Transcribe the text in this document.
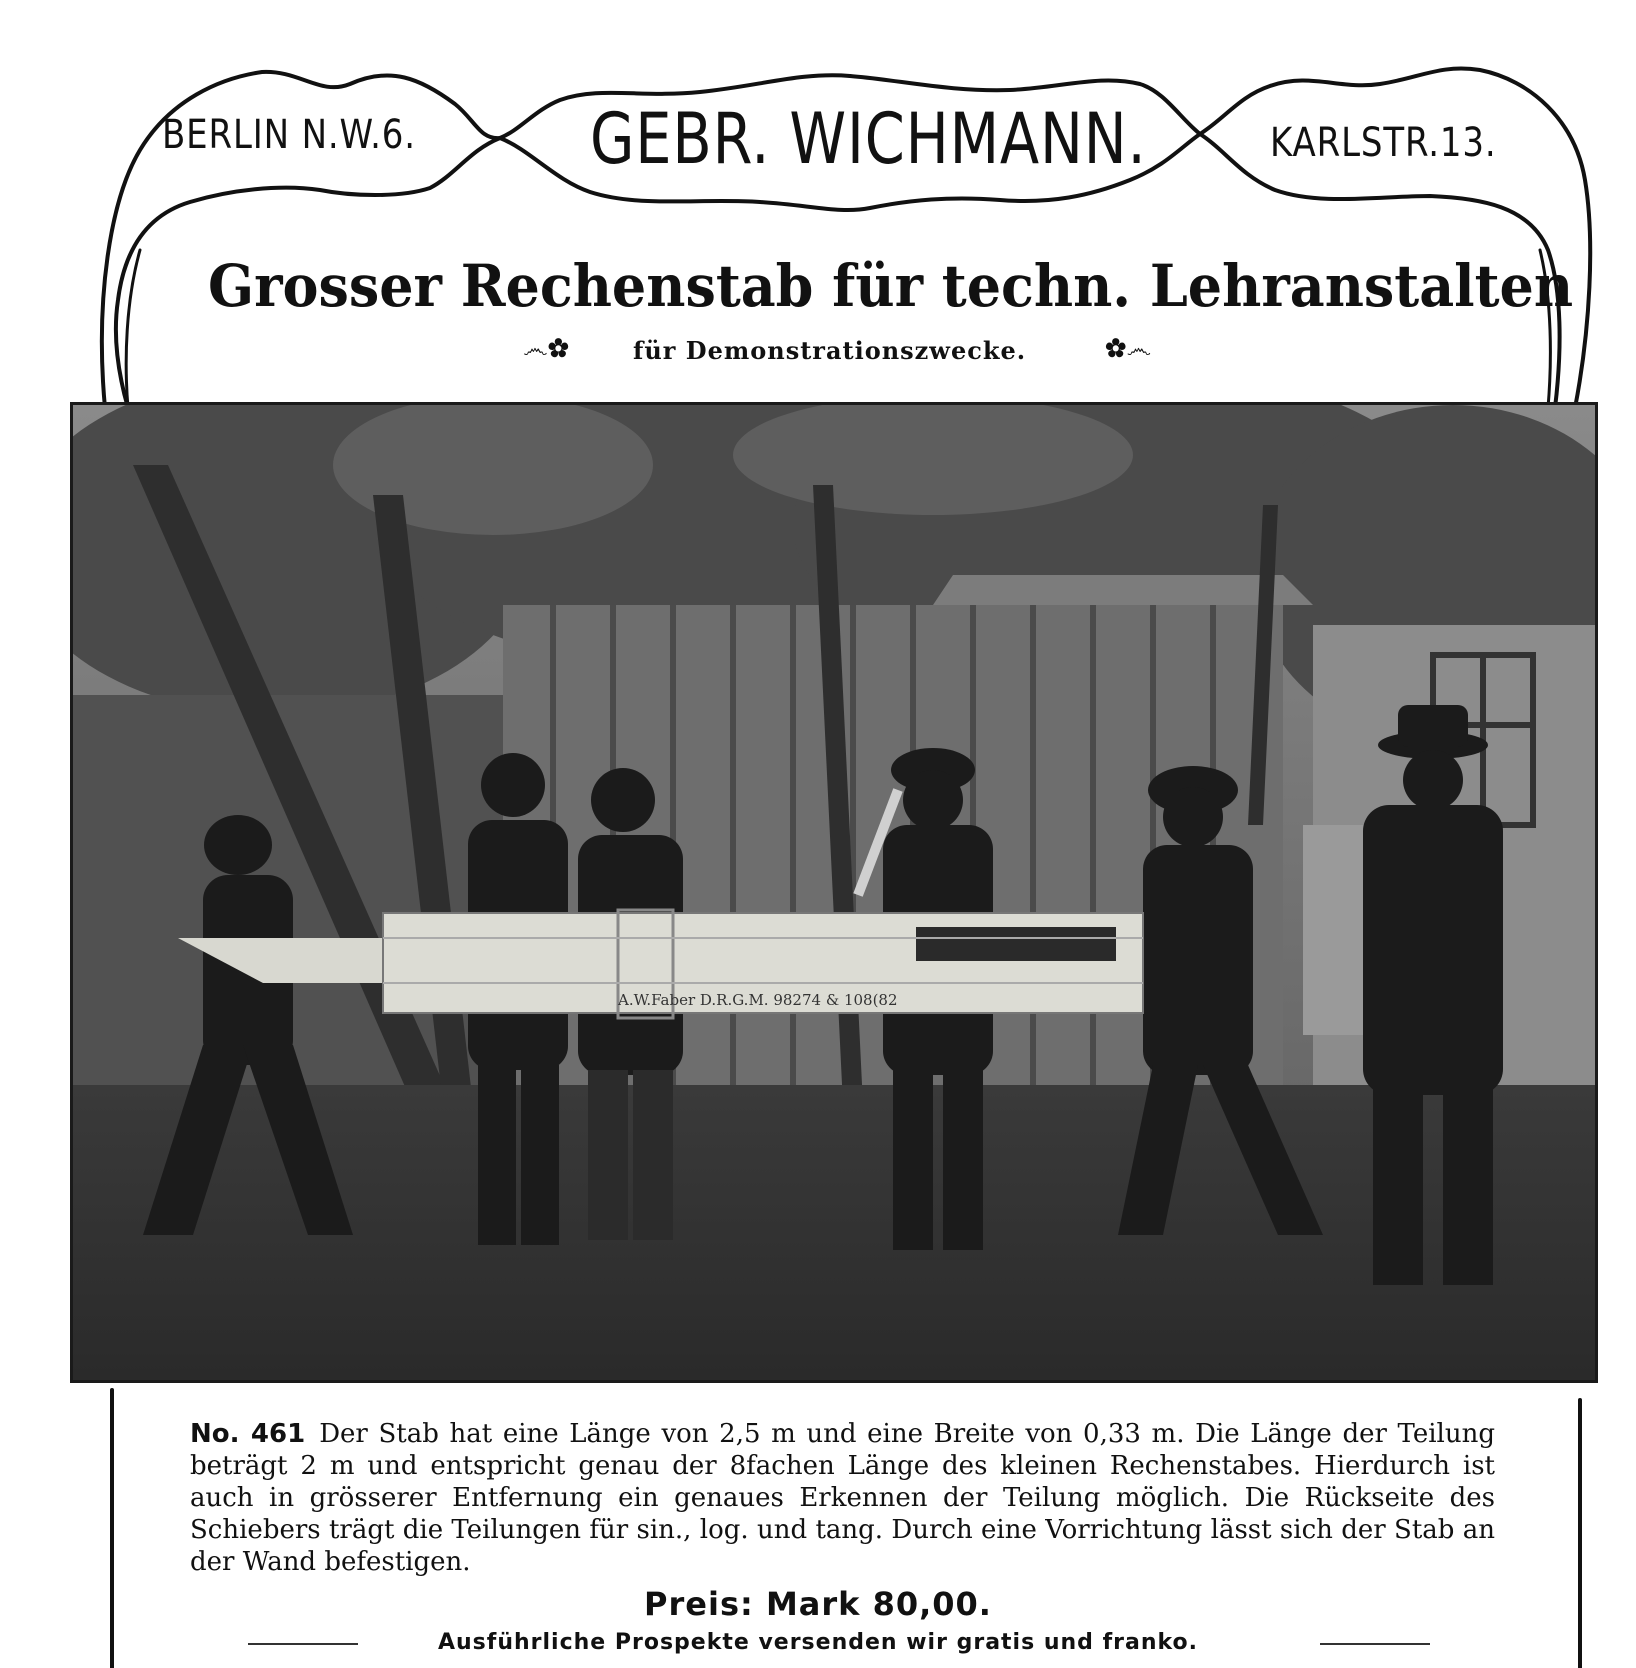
BERLIN N.W.6. GEBR. WICHMANN.	KARLSTR.13.
Grosser Rechenstab für techn. Lehranstalten
෴✿	für Demonstrationszwecke.	✿෴
A.W.Faber D.R.G.M. 98274 & 108(82

No. 461 Der Stab hat eine Länge von 2,5 m und eine Breite von 0,33 m. Die Länge der Teilung beträgt 2 m und entspricht genau der 8fachen Länge des kleinen Rechenstabes. Hierdurch ist auch in grösserer Entfernung ein genaues Erkennen der Teilung möglich. Die Rückseite des Schiebers trägt die Teilungen für sin., log. und tang. Durch eine Vorrichtung lässt sich der Stab an der Wand befestigen.

Preis: Mark 80,00.
Ausführliche Prospekte versenden wir gratis und franko.
